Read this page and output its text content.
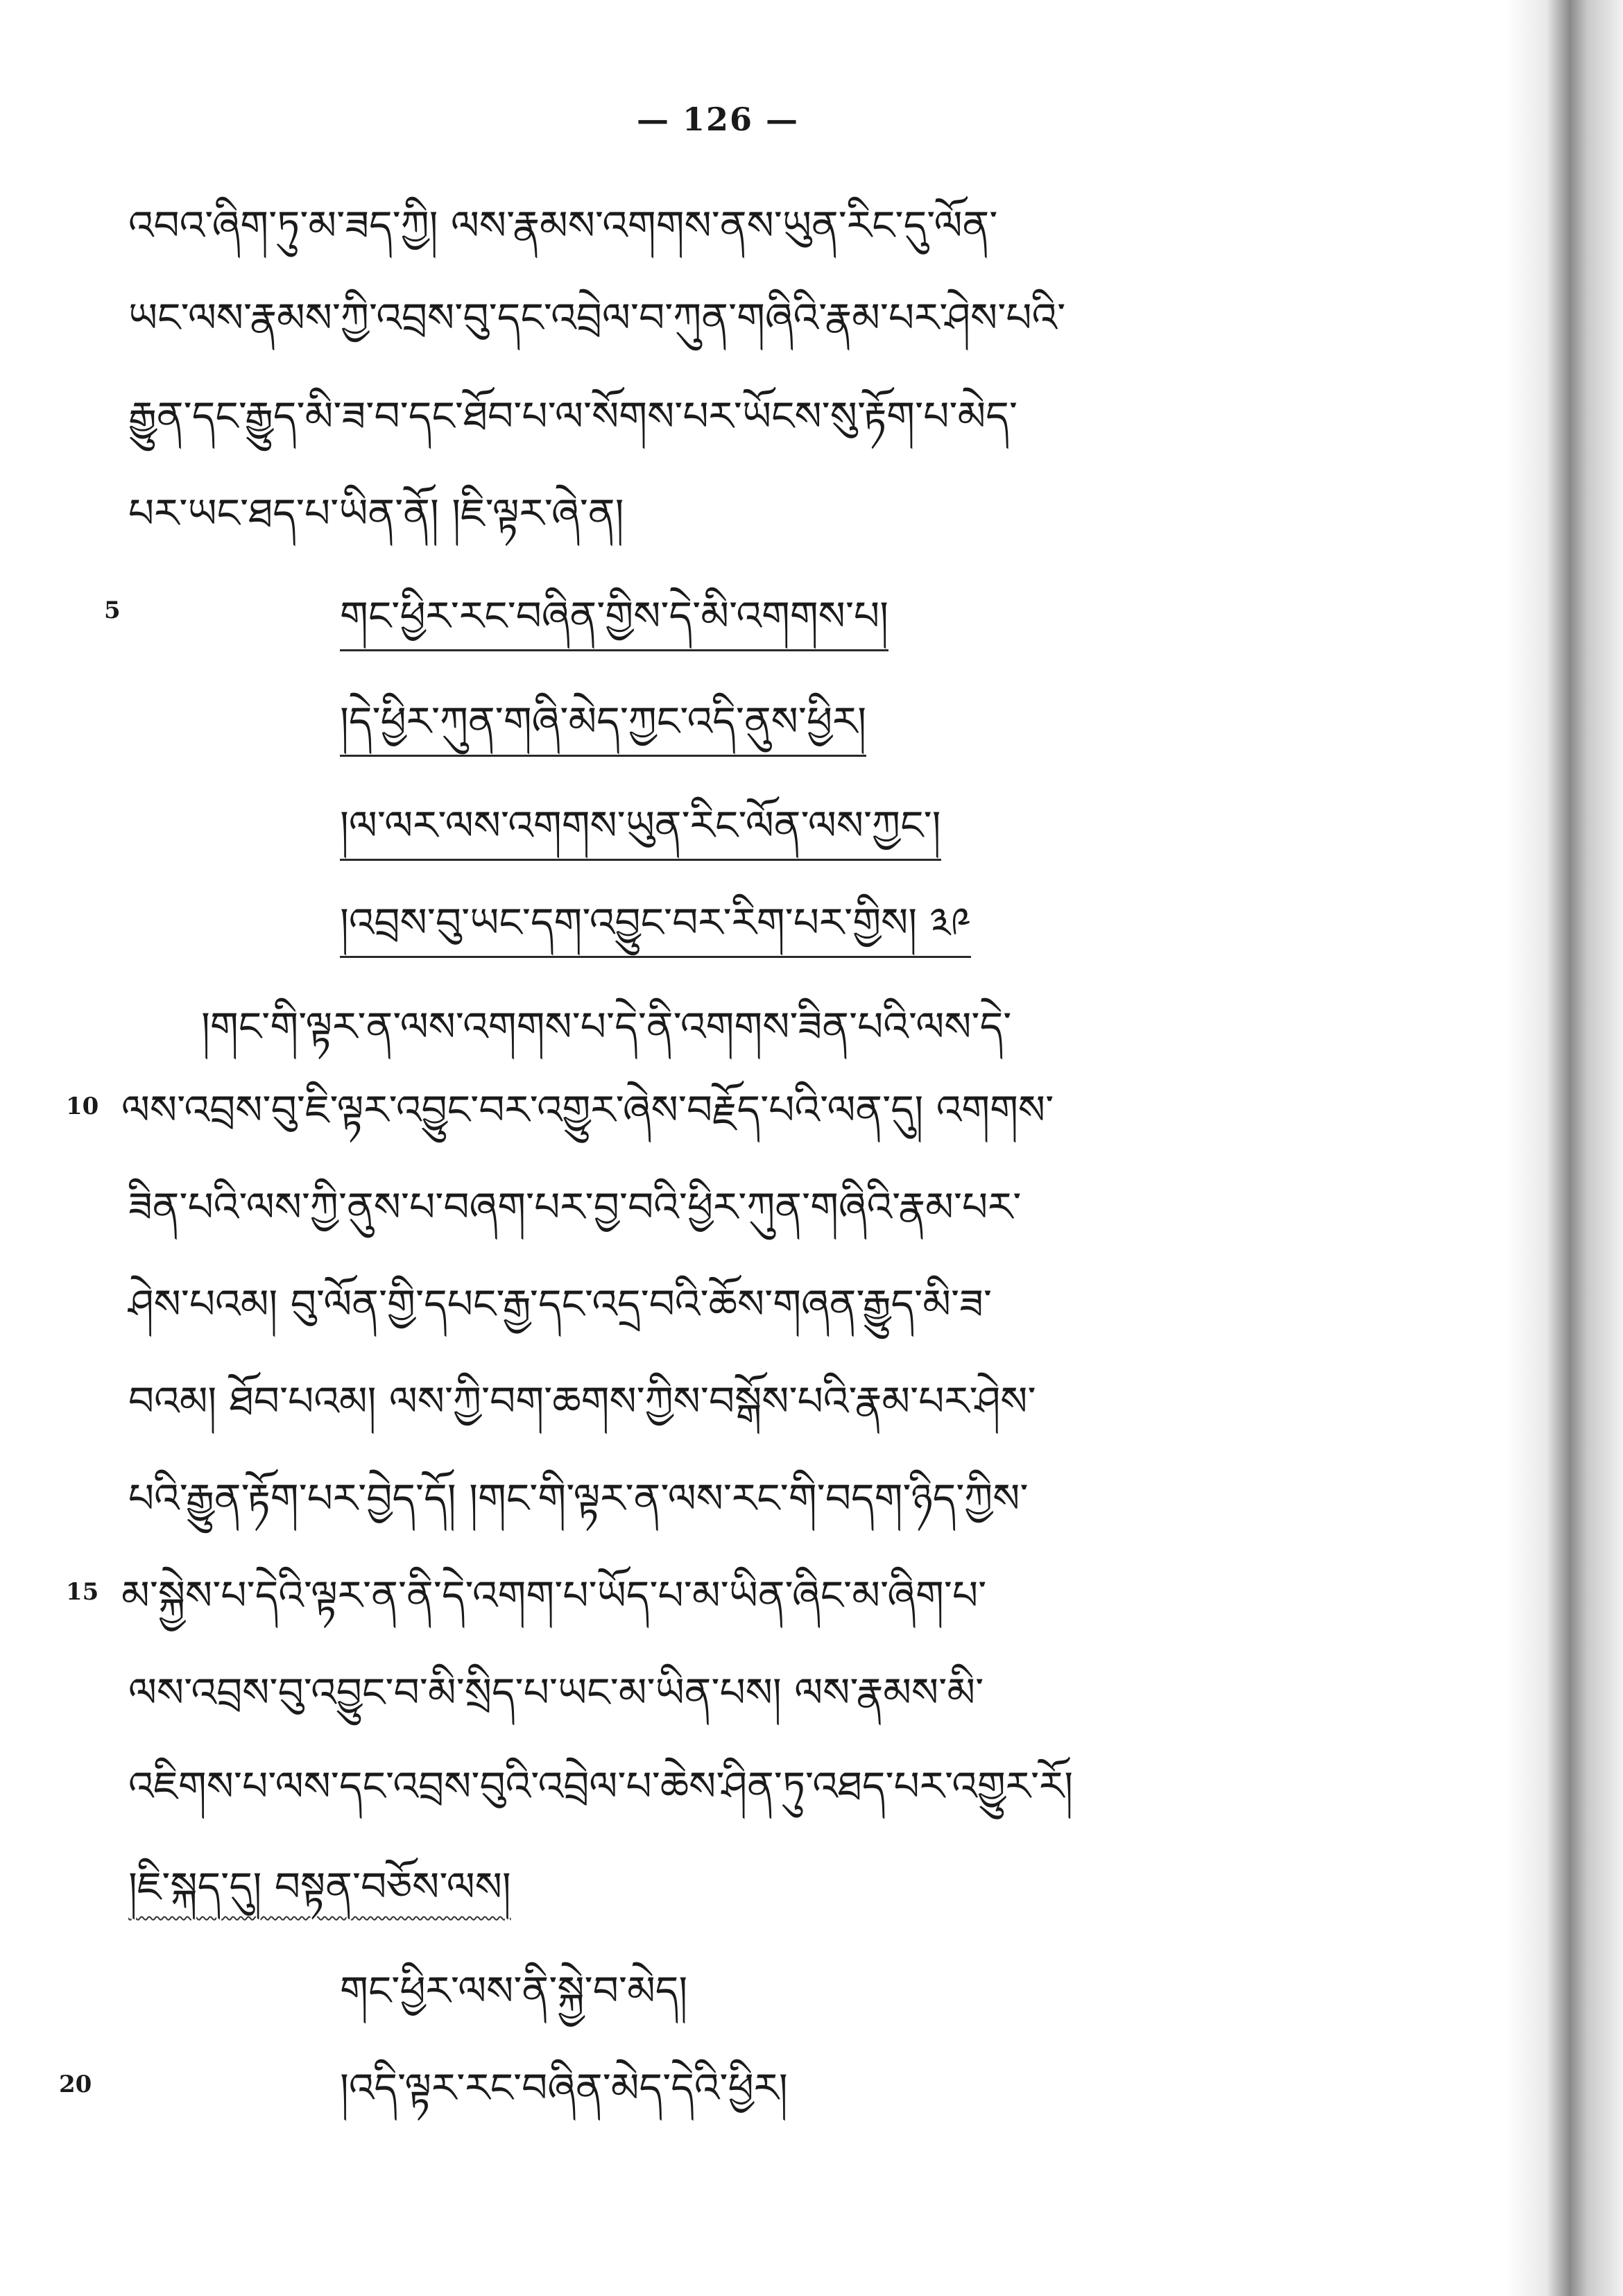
— 126 —
འབའ་ཞིག་ཏུ་མ་ཟད་ཀྱི། ལས་རྣམས་འགགས་ནས་ཡུན་རིང་དུ་ལོན་
ཡང་ལས་རྣམས་ཀྱི་འབྲས་བུ་དང་འབྲེལ་བ་ཀུན་གཞིའི་རྣམ་པར་ཤེས་པའི་
རྒྱུན་དང་རྒྱུད་མི་ཟ་བ་དང་ཐོབ་པ་ལ་སོགས་པར་ཡོངས་སུ་རྟོག་པ་མེད་
པར་ཡང་ཐད་པ་ཡིན་ནོ། །ཇི་ལྟར་ཞེ་ན།
5	གང་ཕྱིར་རང་བཞིན་གྱིས་དེ་མི་འགགས་པ།
།དེ་ཕྱིར་ཀུན་གཞི་མེད་ཀྱང་འདི་ནུས་ཕྱིར།
།ལ་ལར་ལས་འགགས་ཡུན་རིང་ལོན་ལས་ཀྱང་།
།འབྲས་བུ་ཡང་དག་འབྱུང་བར་རིག་པར་གྱིས། ༣༩
།གང་གི་ལྟར་ན་ལས་འགགས་པ་དེ་ནི་འགགས་ཟིན་པའི་ལས་དེ་
10 ལས་འབྲས་བུ་ཇི་ལྟར་འབྱུང་བར་འགྱུར་ཞེས་བརྗོད་པའི་ལན་དུ། འགགས་
ཟིན་པའི་ལས་ཀྱི་ནུས་པ་བཞག་པར་བྱ་བའི་ཕྱིར་ཀུན་གཞིའི་རྣམ་པར་
ཤེས་པའམ། བུ་ལོན་གྱི་དཔང་རྒྱ་དང་འདྲ་བའི་ཆོས་གཞན་རྒྱུད་མི་ཟ་
བའམ། ཐོབ་པའམ། ལས་ཀྱི་བག་ཆགས་ཀྱིས་བསྒོས་པའི་རྣམ་པར་ཤེས་
པའི་རྒྱུན་རྟོག་པར་བྱེད་དོ། །གང་གི་ལྟར་ན་ལས་རང་གི་བདག་ཉིད་ཀྱིས་
15 མ་སྐྱེས་པ་དེའི་ལྟར་ན་ནི་དེ་འགག་པ་ཡོད་པ་མ་ཡིན་ཞིང་མ་ཞིག་པ་
ལས་འབྲས་བུ་འབྱུང་བ་མི་སྲིད་པ་ཡང་མ་ཡིན་པས། ལས་རྣམས་མི་
འཇིགས་པ་ལས་དང་འབྲས་བུའི་འབྲེལ་པ་ཆེས་ཤིན་ཏུ་འཐད་པར་འགྱུར་རོ།
།ཇི་སྐད་དུ། བསྟན་བཅོས་ལས།
གང་ཕྱིར་ལས་ནི་སྐྱེ་བ་མེད།
20	།འདི་ལྟར་རང་བཞིན་མེད་དེའི་ཕྱིར།
